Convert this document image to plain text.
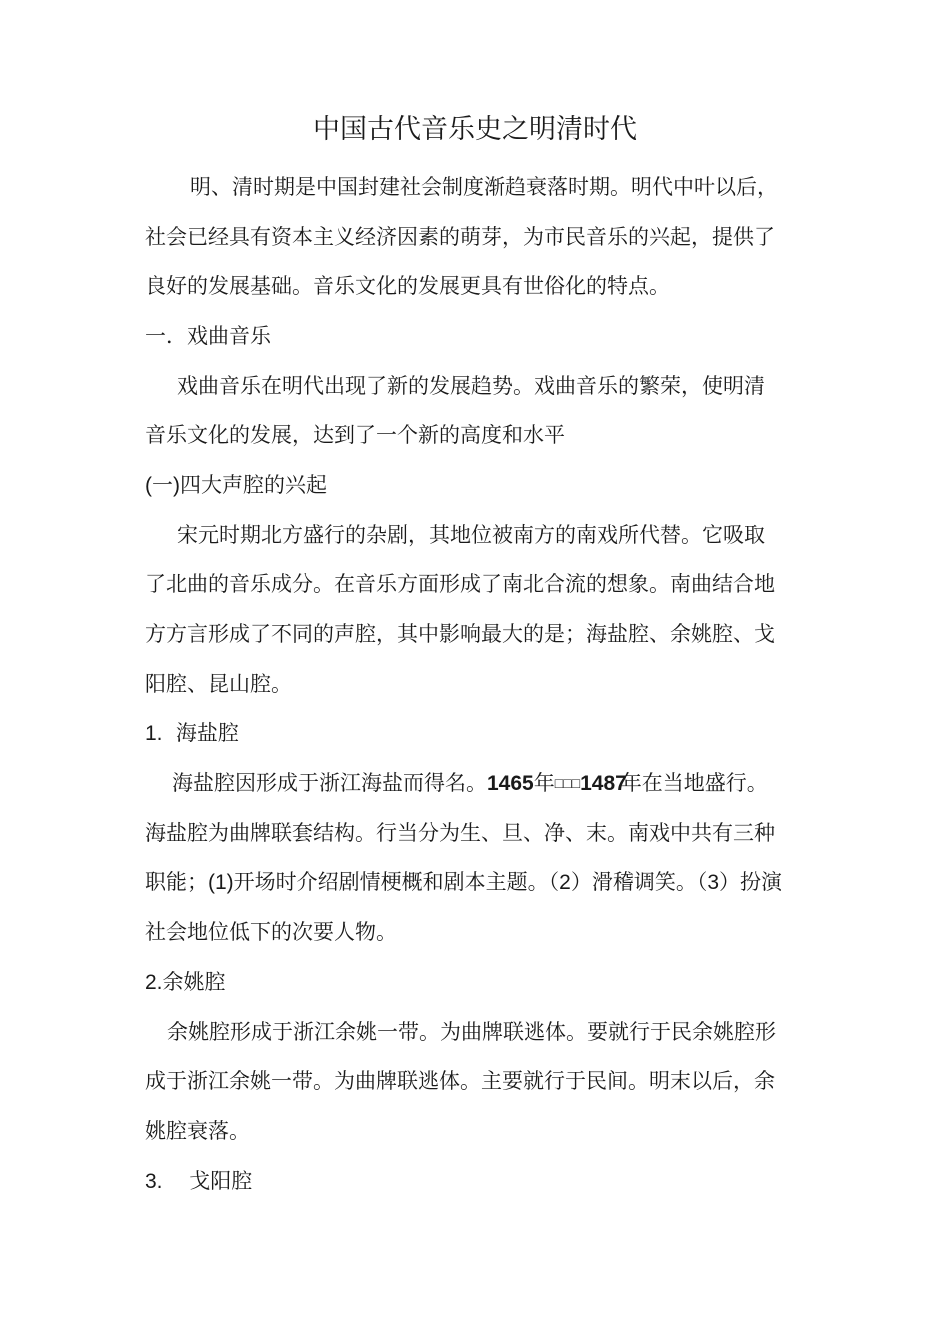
中国古代音乐史之明清时代
明、清时期是中国封建社会制度渐趋衰落时期。明代中叶以后，
社会已经具有资本主义经济因素的萌芽，为市民音乐的兴起，提供了
良好的发展基础。音乐文化的发展更具有世俗化的特点。
一．戏曲音乐
戏曲音乐在明代出现了新的发展趋势。戏曲音乐的繁荣，使明清
音乐文化的发展，达到了一个新的高度和水平
(一)四大声腔的兴起
宋元时期北方盛行的杂剧，其地位被南方的南戏所代替。它吸取
了北曲的音乐成分。在音乐方面形成了南北合流的想象。南曲结合地
方方言形成了不同的声腔，其中影响最大的是；海盐腔、余姚腔、戈
阳腔、昆山腔。
1. 海盐腔
海盐腔因形成于浙江海盐而得名。1465年□□□1487年在当地盛行。
海盐腔为曲牌联套结构。行当分为生、旦、净、末。南戏中共有三种
职能；(1)开场时介绍剧情梗概和剧本主题。（2）滑稽调笑。（3）扮演
社会地位低下的次要人物。
2.余姚腔
余姚腔形成于浙江余姚一带。为曲牌联逃体。要就行于民余姚腔形
成于浙江余姚一带。为曲牌联逃体。主要就行于民间。明末以后，余
姚腔衰落。
3. 戈阳腔
